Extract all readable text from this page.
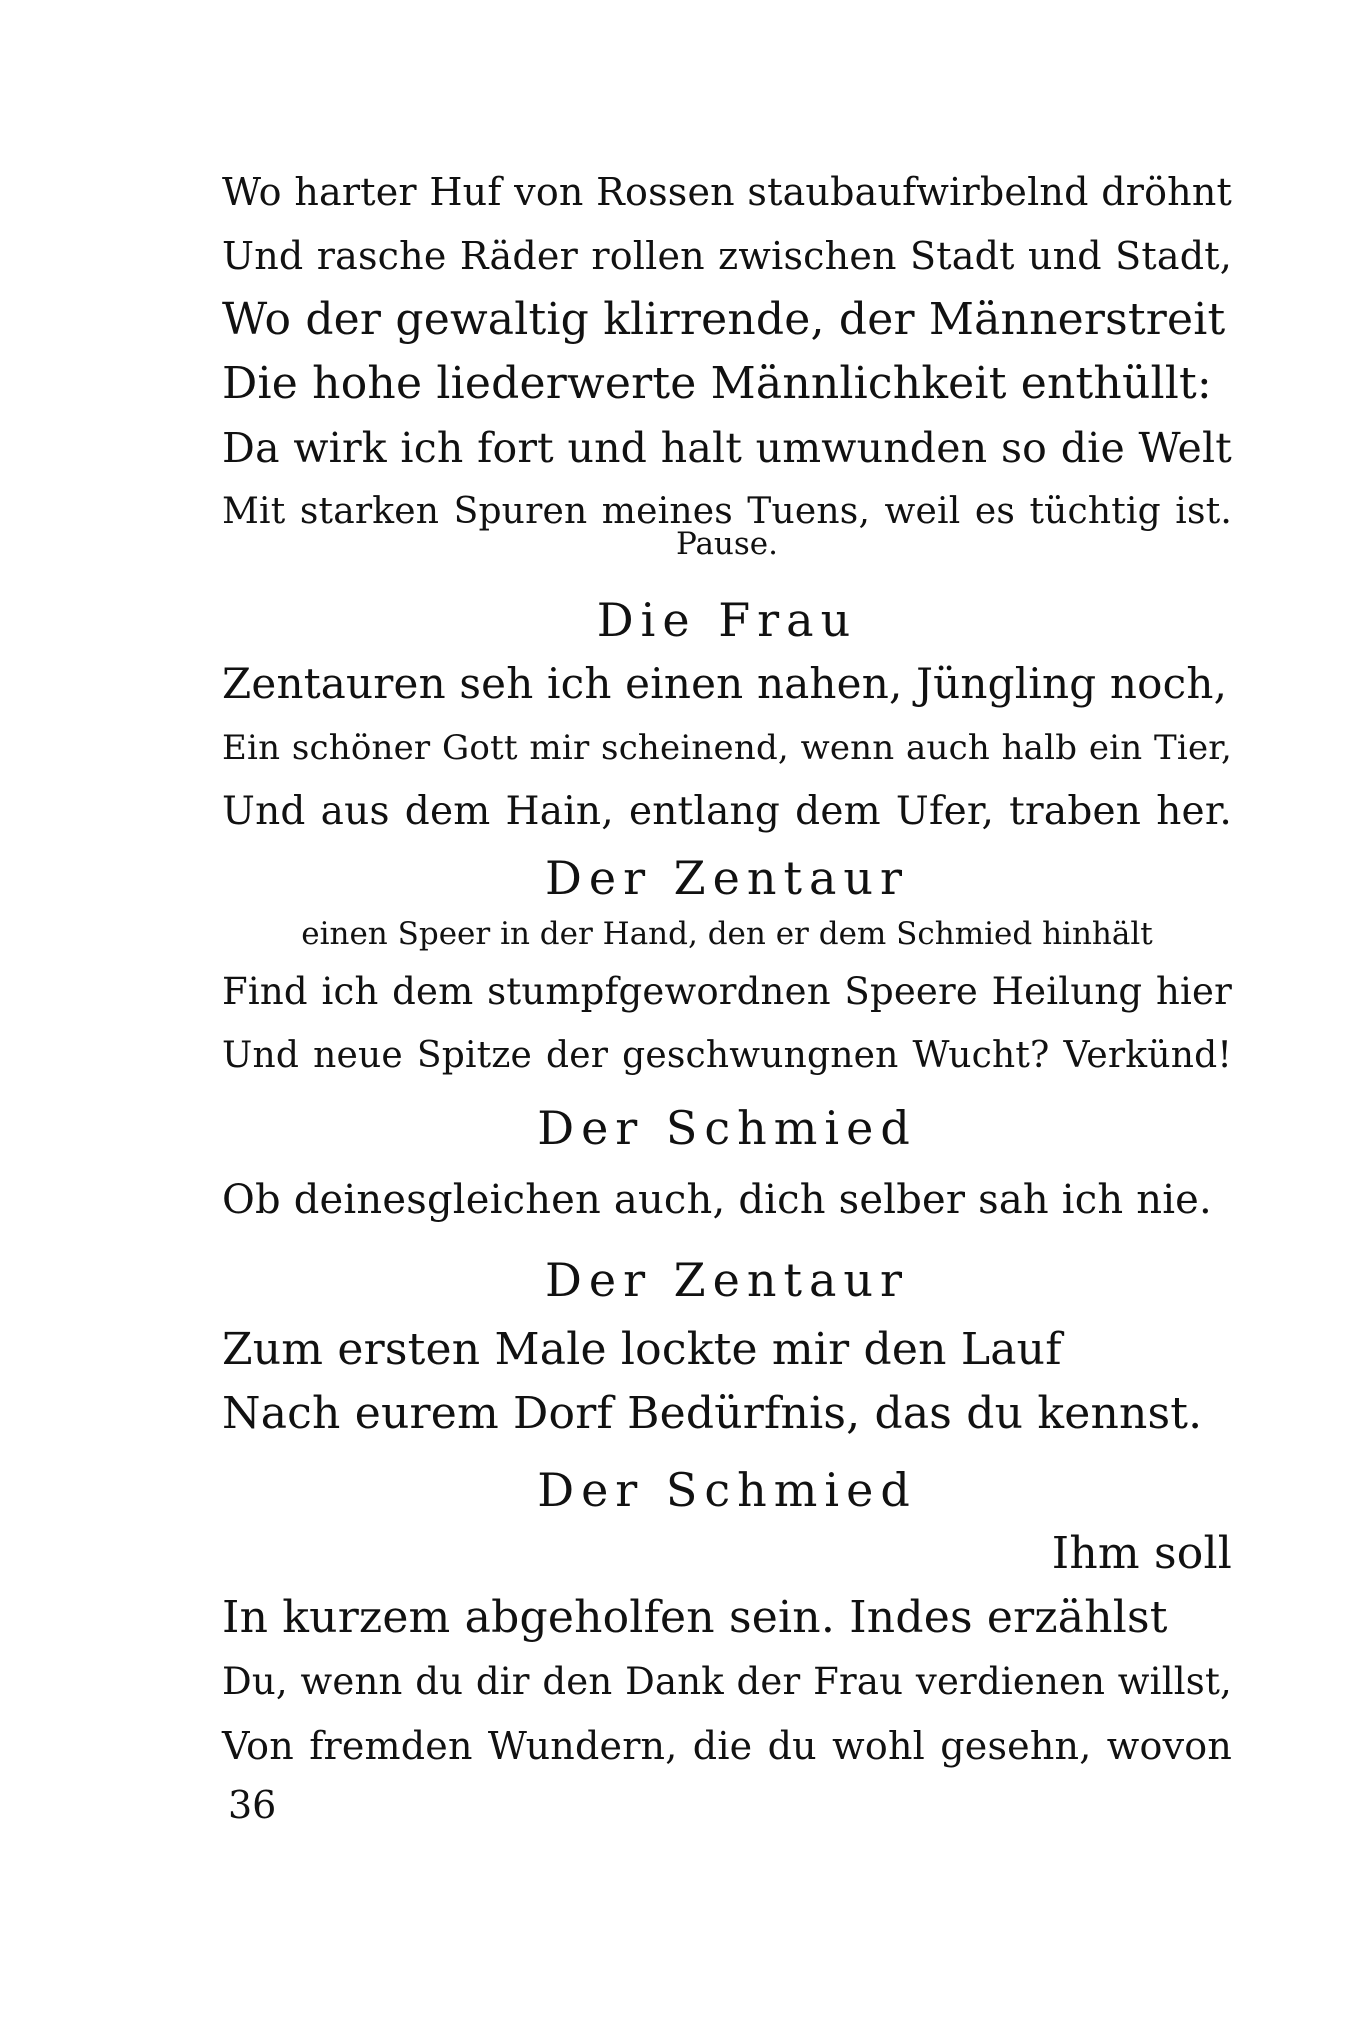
Wo harter Huf von Rossen staubaufwirbelnd dröhnt
Und rasche Räder rollen zwischen Stadt und Stadt,
Wo der gewaltig klirrende, der Männerstreit
Die hohe liederwerte Männlichkeit enthüllt:
Da wirk ich fort und halt umwunden so die Welt
Mit starken Spuren meines Tuens, weil es tüchtig ist.
Pause.
Die Frau
Zentauren seh ich einen nahen, Jüngling noch,
Ein schöner Gott mir scheinend, wenn auch halb ein Tier,
Und aus dem Hain, entlang dem Ufer, traben her.
Der Zentaur
einen Speer in der Hand, den er dem Schmied hinhält
Find ich dem stumpfgewordnen Speere Heilung hier
Und neue Spitze der geschwungnen Wucht? Verkünd!
Der Schmied
Ob deinesgleichen auch, dich selber sah ich nie.
Der Zentaur
Zum ersten Male lockte mir den Lauf
Nach eurem Dorf Bedürfnis, das du kennst.
Der Schmied
Ihm soll
In kurzem abgeholfen sein. Indes erzählst
Du, wenn du dir den Dank der Frau verdienen willst,
Von fremden Wundern, die du wohl gesehn, wovon
36
